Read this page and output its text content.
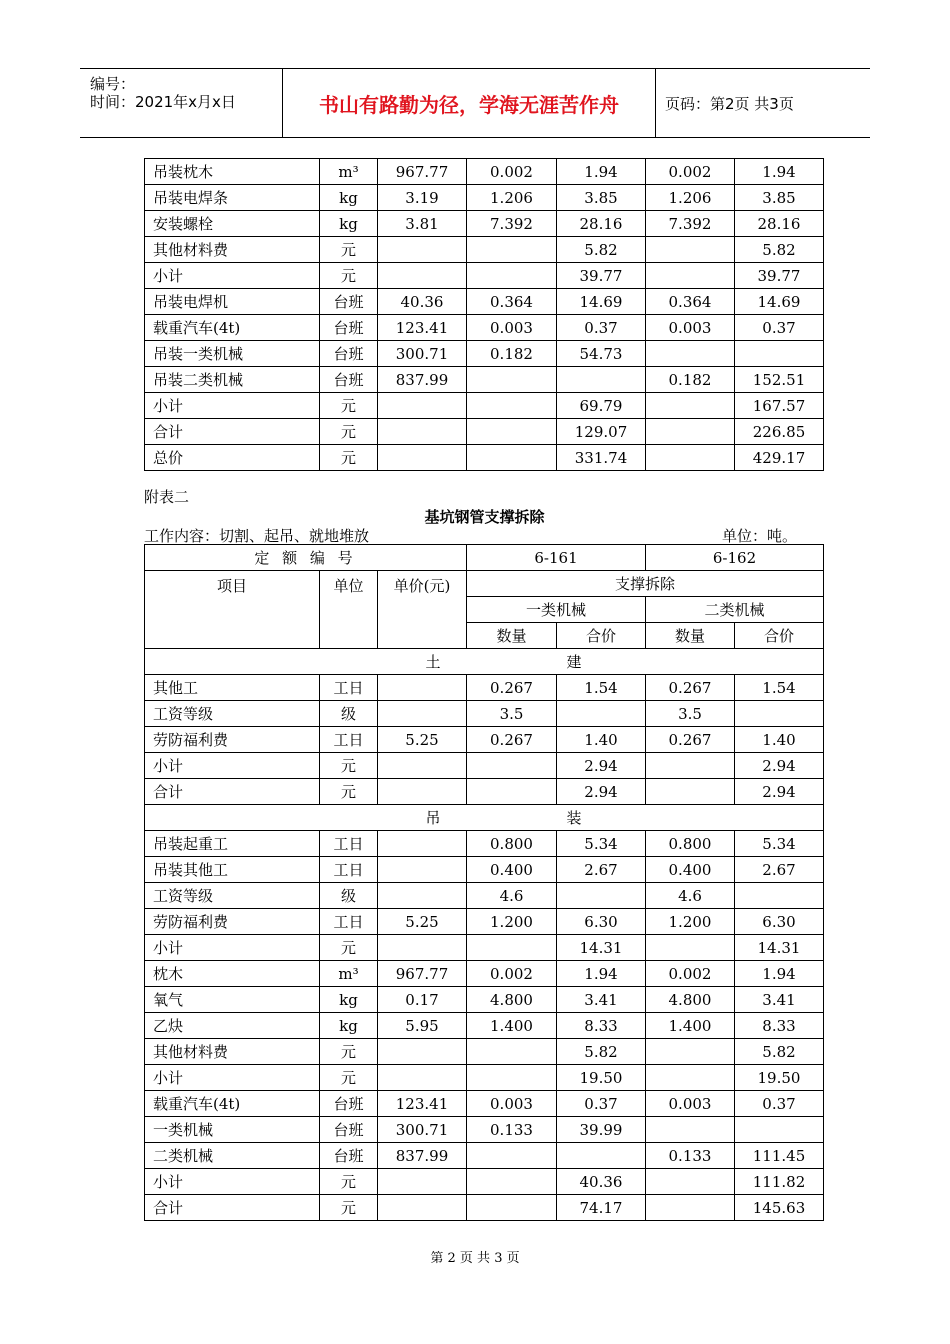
编号：
时间：2021年x月x日	书山有路勤为径，学海无涯苦作舟	页码：第2页 共3页
吊装枕木	m³	967.77	0.002	1.94	0.002	1.94
吊装电焊条	kg	3.19	1.206	3.85	1.206	3.85
安装螺栓	kg	3.81	7.392	28.16	7.392	28.16
其他材料费	元			5.82		5.82
小计	元			39.77		39.77
吊装电焊机	台班	40.36	0.364	14.69	0.364	14.69
载重汽车(4t)	台班	123.41	0.003	0.37	0.003	0.37
吊装一类机械	台班	300.71	0.182	54.73		
吊装二类机械	台班	837.99			0.182	152.51
小计	元			69.79		167.57
合计	元			129.07		226.85
总价	元			331.74		429.17
附表二
基坑钢管支撑拆除
工作内容：切割、起吊、就地堆放	单位：吨。
定 额 编 号			6-161		6-162	
项目	单位	单价(元)	支撑拆除			
			一类机械		二类机械	
			数量	合价	数量	合价
土			建			
其他工	工日		0.267	1.54	0.267	1.54
工资等级	级		3.5		3.5	
劳防福利费	工日	5.25	0.267	1.40	0.267	1.40
小计	元			2.94		2.94
合计	元			2.94		2.94
吊			装			
吊装起重工	工日		0.800	5.34	0.800	5.34
吊装其他工	工日		0.400	2.67	0.400	2.67
工资等级	级		4.6		4.6	
劳防福利费	工日	5.25	1.200	6.30	1.200	6.30
小计	元			14.31		14.31
枕木	m³	967.77	0.002	1.94	0.002	1.94
氧气	kg	0.17	4.800	3.41	4.800	3.41
乙炔	kg	5.95	1.400	8.33	1.400	8.33
其他材料费	元			5.82		5.82
小计	元			19.50		19.50
载重汽车(4t)	台班	123.41	0.003	0.37	0.003	0.37
一类机械	台班	300.71	0.133	39.99		
二类机械	台班	837.99			0.133	111.45
小计	元			40.36		111.82
合计	元			74.17		145.63
第 2 页 共 3 页
